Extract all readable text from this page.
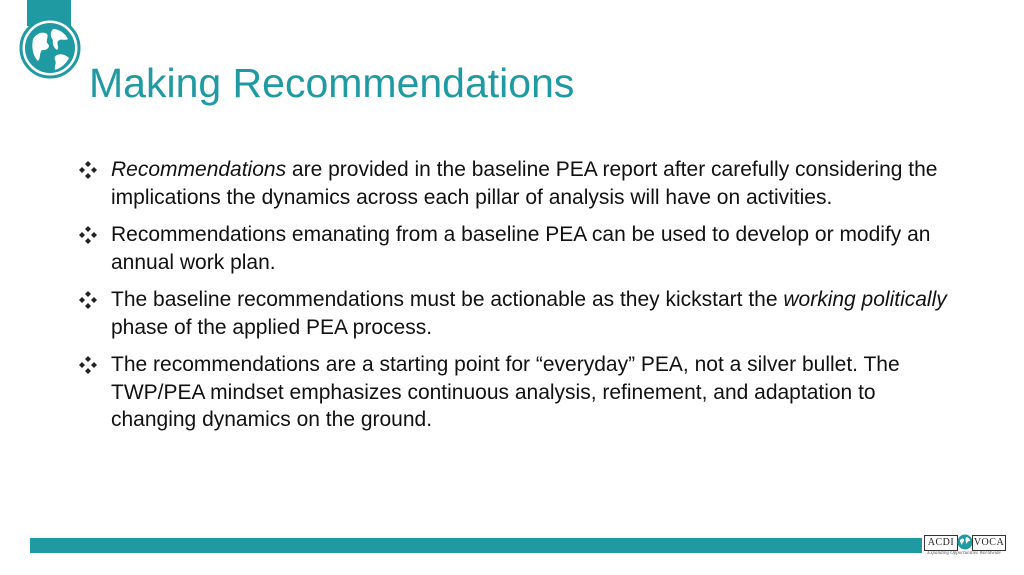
Making Recommendations
Recommendations are provided in the baseline PEA report after carefully considering the implications the dynamics across each pillar of analysis will have on activities.
Recommendations emanating from a baseline PEA can be used to develop or modify an annual work plan.
The baseline recommendations must be actionable as they kickstart the working politically phase of the applied PEA process.
The recommendations are a starting point for “everyday” PEA, not a silver bullet. The TWP/PEA mindset emphasizes continuous analysis, refinement, and adaptation to changing dynamics on the ground.
ACDI	VOCA
Expanding Opportunities Worldwide
